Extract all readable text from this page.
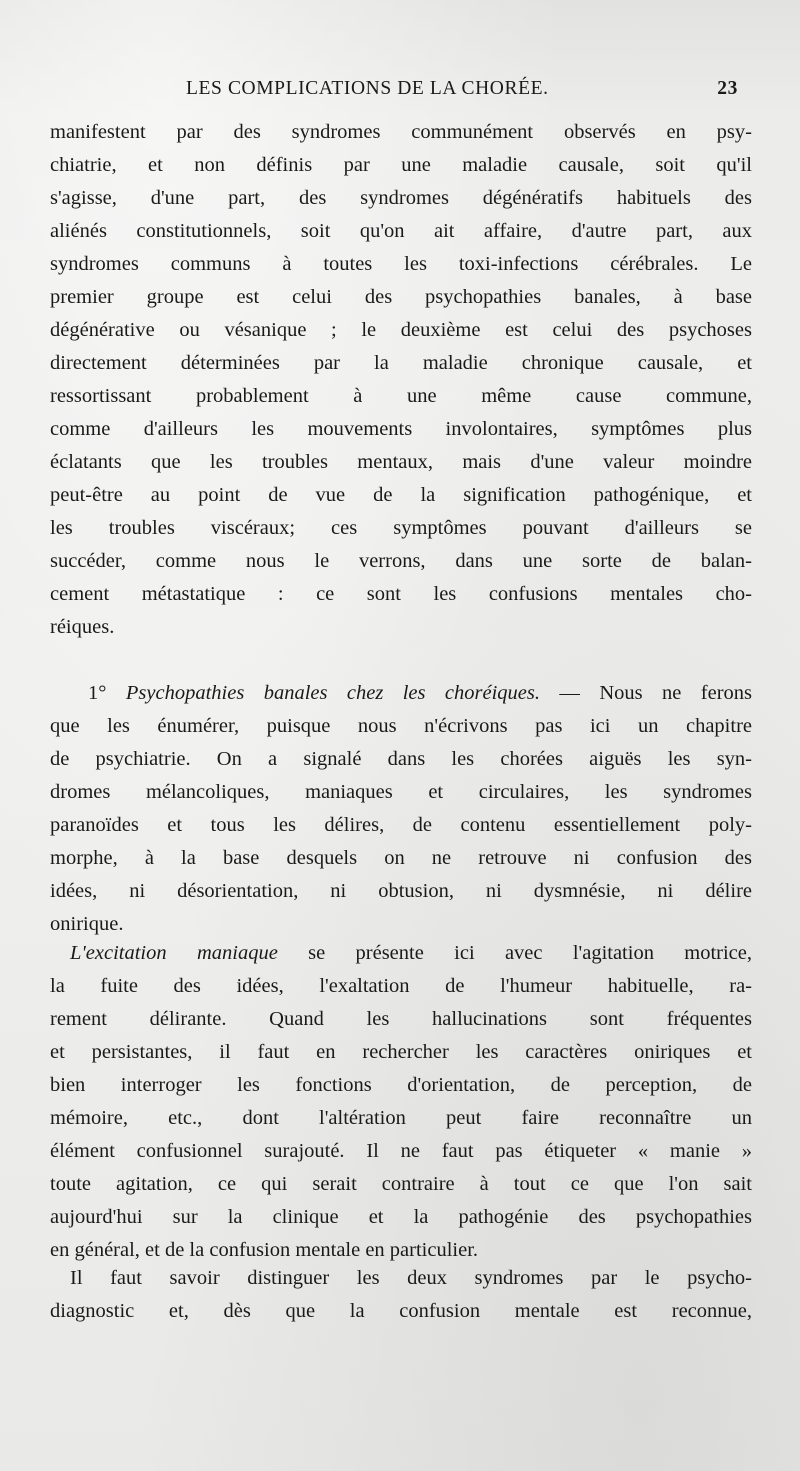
LES COMPLICATIONS DE LA CHORÉE.	23
manifestent par des syndromes communément observés en psy-
chiatrie, et non définis par une maladie causale, soit qu'il
s'agisse, d'une part, des syndromes dégénératifs habituels des
aliénés constitutionnels, soit qu'on ait affaire, d'autre part, aux
syndromes communs à toutes les toxi-infections cérébrales. Le
premier groupe est celui des psychopathies banales, à base
dégénérative ou vésanique ; le deuxième est celui des psychoses
directement déterminées par la maladie chronique causale, et
ressortissant probablement à une même cause commune,
comme d'ailleurs les mouvements involontaires, symptômes plus
éclatants que les troubles mentaux, mais d'une valeur moindre
peut-être au point de vue de la signification pathogénique, et
les troubles viscéraux; ces symptômes pouvant d'ailleurs se
succéder, comme nous le verrons, dans une sorte de balan-
cement métastatique : ce sont les confusions mentales cho-
réiques.
1° Psychopathies banales chez les choréiques. — Nous ne ferons
que les énumérer, puisque nous n'écrivons pas ici un chapitre
de psychiatrie. On a signalé dans les chorées aiguës les syn-
dromes mélancoliques, maniaques et circulaires, les syndromes
paranoïdes et tous les délires, de contenu essentiellement poly-
morphe, à la base desquels on ne retrouve ni confusion des
idées, ni désorientation, ni obtusion, ni dysmnésie, ni délire
onirique.
L'excitation maniaque se présente ici avec l'agitation motrice,
la fuite des idées, l'exaltation de l'humeur habituelle, ra-
rement délirante. Quand les hallucinations sont fréquentes
et persistantes, il faut en rechercher les caractères oniriques et
bien interroger les fonctions d'orientation, de perception, de
mémoire, etc., dont l'altération peut faire reconnaître un
élément confusionnel surajouté. Il ne faut pas étiqueter « manie »
toute agitation, ce qui serait contraire à tout ce que l'on sait
aujourd'hui sur la clinique et la pathogénie des psychopathies
en général, et de la confusion mentale en particulier.
Il faut savoir distinguer les deux syndromes par le psycho-
diagnostic et, dès que la confusion mentale est reconnue,
